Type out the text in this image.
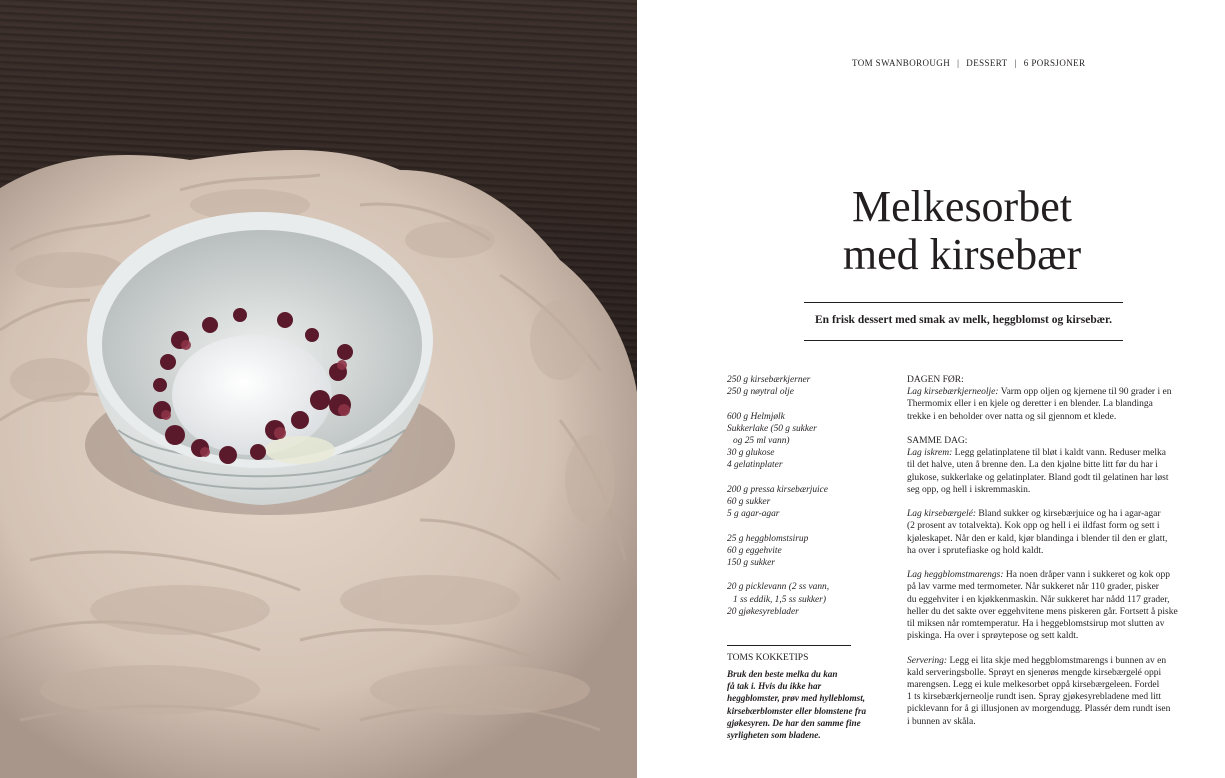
TOM SWANBOROUGH | DESSERT | 6 PORSJONER
Melkesorbet
med kirsebær
En frisk dessert med smak av melk, heggblomst og kirsebær.
250 g kirsebærkjerner
250 g nøytral olje
600 g Helmjølk
Sukkerlake (50 g sukker
og 25 ml vann)
30 g glukose
4 gelatinplater
200 g pressa kirsebærjuice
60 g sukker
5 g agar-agar
25 g heggblomstsirup
60 g eggehvite
150 g sukker
20 g picklevann (2 ss vann,
1 ss eddik, 1,5 ss sukker)
20 gjøkesyreblader
TOMS KOKKETIPS
Bruk den beste melka du kan
få tak i. Hvis du ikke har
heggblomster, prøv med hylleblomst,
kirsebærblomster eller blomstene fra
gjøkesyren. De har den samme fine
syrligheten som bladene.
DAGEN FØR:
Lag kirsebærkjerneolje: Varm opp oljen og kjernene til 90 grader i en
Thermomix eller i en kjele og deretter i en blender. La blandinga
trekke i en beholder over natta og sil gjennom et klede.
SAMME DAG:
Lag iskrem: Legg gelatinplatene til bløt i kaldt vann. Reduser melka
til det halve, uten å brenne den. La den kjølne bitte litt før du har i
glukose, sukkerlake og gelatinplater. Bland godt til gelatinen har løst
seg opp, og hell i iskremmaskin.
Lag kirsebærgelé: Bland sukker og kirsebærjuice og ha i agar-agar
(2 prosent av totalvekta). Kok opp og hell i ei ildfast form og sett i
kjøleskapet. Når den er kald, kjør blandinga i blender til den er glatt,
ha over i sprutefiaske og hold kaldt.
Lag heggblomstmarengs: Ha noen dråper vann i sukkeret og kok opp
på lav varme med termometer. Når sukkeret når 110 grader, pisker
du eggehviter i en kjøkkenmaskin. Når sukkeret har nådd 117 grader,
heller du det sakte over eggehvitene mens piskeren går. Fortsett å piske
til miksen når romtemperatur. Ha i heggeblomstsirup mot slutten av
piskinga. Ha over i sprøytepose og sett kaldt.
Servering: Legg ei lita skje med heggblomstmarengs i bunnen av en
kald serveringsbolle. Sprøyt en sjenerøs mengde kirsebærgelé oppi
marengsen. Legg ei kule melkesorbet oppå kirsebærgeleen. Fordel
1 ts kirsebærkjerneolje rundt isen. Spray gjøkesyrebladene med litt
picklevann for å gi illusjonen av morgendugg. Plassér dem rundt isen
i bunnen av skåla.
